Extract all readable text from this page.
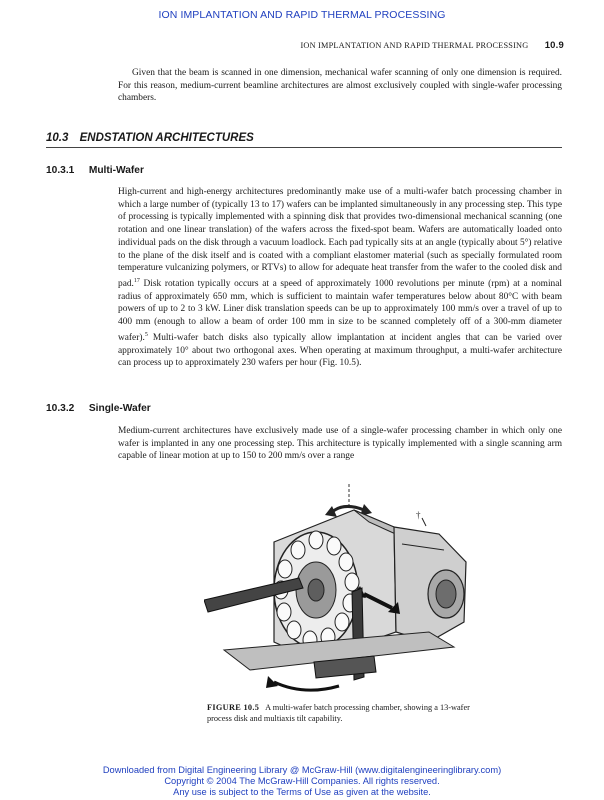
ION IMPLANTATION AND RAPID THERMAL PROCESSING
ION IMPLANTATION AND RAPID THERMAL PROCESSING 10.9

Given that the beam is scanned in one dimension, mechanical wafer scanning of only one dimension is required. For this reason, medium-current beamline architectures are almost exclusively coupled with single-wafer processing chambers.

10.3 ENDSTATION ARCHITECTURES
10.3.1 Multi-Wafer

High-current and high-energy architectures predominantly make use of a multi-wafer batch processing chamber in which a large number of (typically 13 to 17) wafers can be implanted simultaneously in any processing step. This type of processing is typically implemented with a spinning disk that provides two-dimensional mechanical scanning (one rotation and one linear translation) of the wafers across the fixed-spot beam. Wafers are automatically loaded onto individual pads on the disk through a vacuum loadlock. Each pad typically sits at an angle (typically about 5°) relative to the plane of the disk itself and is coated with a compliant elastomer material (such as specially formulated room temperature vulcanizing polymers, or RTVs) to allow for adequate heat transfer from the wafer to the cooled disk and pad.$^{17}$ Disk rotation typically occurs at a speed of approximately 1000 revolutions per minute (rpm) at a nominal radius of approximately 650 mm, which is sufficient to maintain wafer temperatures below about 80°C with beam powers of up to 2 to 3 kW. Liner disk translation speeds can be up to approximately 100 mm/s over a travel of up to 400 mm (enough to allow a beam of order 100 mm in size to be scanned completely off of a 300-mm diameter wafer).$^5$ Multi-wafer batch disks also typically allow implantation at incident angles that can be varied over approximately 10° about two orthogonal axes. When operating at maximum throughput, a multi-wafer architecture can process up to approximately 230 wafers per hour (Fig. 10.5).

10.3.2 Single-Wafer

Medium-current architectures have exclusively made use of a single-wafer processing chamber in which only one wafer is implanted in any one processing step. This architecture is typically implemented with a single scanning arm capable of linear motion at up to 150 to 200 mm/s over a range

†
FIGURE 10.5 A multi-wafer batch processing chamber, showing a 13-wafer process disk and multiaxis tilt capability.
Downloaded from Digital Engineering Library @ McGraw-Hill (www.digitalengineeringlibrary.com)
Copyright © 2004 The McGraw-Hill Companies. All rights reserved.
Any use is subject to the Terms of Use as given at the website.
